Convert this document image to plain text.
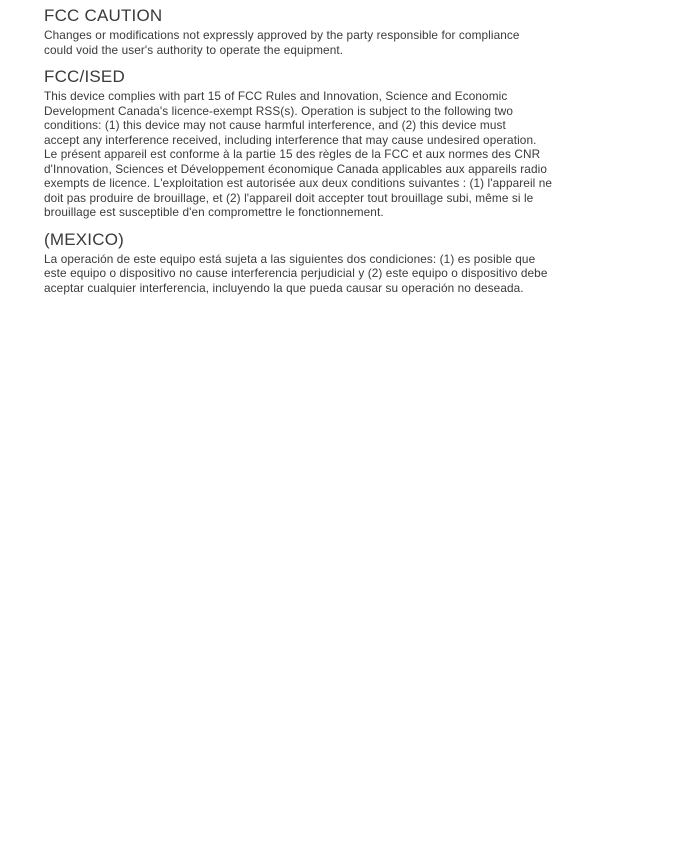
FCC CAUTION
Changes or modifications not expressly approved by the party responsible for compliance
could void the user's authority to operate the equipment.
FCC/ISED
This device complies with part 15 of FCC Rules and Innovation, Science and Economic
Development Canada's licence-exempt RSS(s). Operation is subject to the following two
conditions: (1) this device may not cause harmful interference, and (2) this device must
accept any interference received, including interference that may cause undesired operation.
Le présent appareil est conforme à la partie 15 des règles de la FCC et aux normes des CNR
d'Innovation, Sciences et Développement économique Canada applicables aux appareils radio
exempts de licence. L'exploitation est autorisée aux deux conditions suivantes : (1) l'appareil ne
doit pas produire de brouillage, et (2) l'appareil doit accepter tout brouillage subi, même si le
brouillage est susceptible d'en compromettre le fonctionnement.
(MEXICO)
La operación de este equipo está sujeta a las siguientes dos condiciones: (1) es posible que
este equipo o dispositivo no cause interferencia perjudicial y (2) este equipo o dispositivo debe
aceptar cualquier interferencia, incluyendo la que pueda causar su operación no deseada.
